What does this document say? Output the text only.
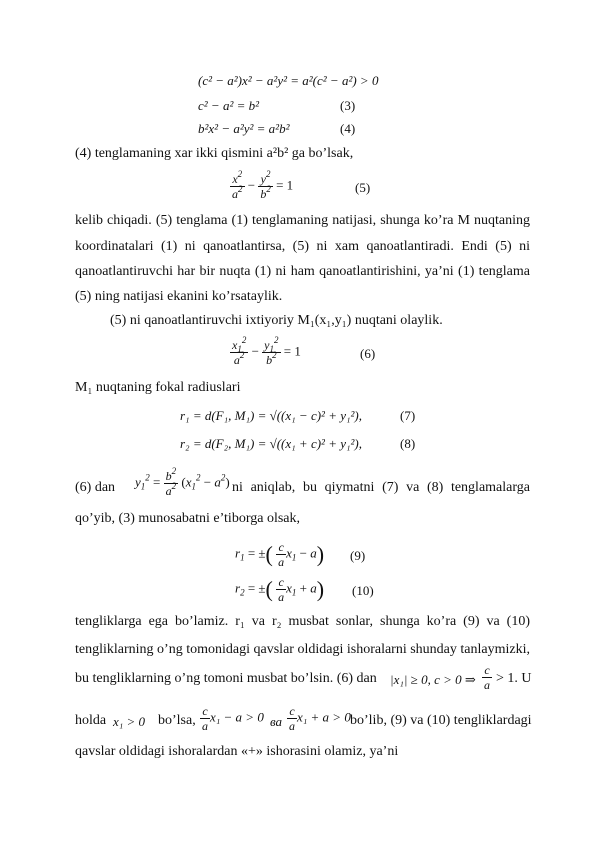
(c² − a²)x² − a²y² = a²(c² − a²) > 0
c² − a² = b²	(3)
b²x² − a²y² = a²b²	(4)
(4) tenglamaning xar ikki qismini a²b² ga bo’lsak,
$\frac{x^2}{a^2} - \frac{y^2}{b^2} = 1$	(5)
kelib chiqadi. (5) tenglama (1) tenglamaning natijasi, shunga ko’ra M nuqtaning
koordinatalari (1) ni qanoatlantirsa, (5) ni xam qanoatlantiradi. Endi (5) ni
qanoatlantiruvchi har bir nuqta (1) ni ham qanoatlantirishini, ya’ni (1) tenglama
(5) ning natijasi ekanini ko’rsataylik.
(5) ni qanoatlantiruvchi ixtiyoriy M₁(x₁,y₁) nuqtani olaylik.
$\frac{x_1^2}{a^2} - \frac{y_1^2}{b^2} = 1$	(6)
M₁ nuqtaning fokal radiuslari
r₁ = d(F₁, M₁) = √((x₁ − c)² + y₁²),	(7)
r₂ = d(F₂, M₁) = √((x₁ + c)² + y₁²),	(8)
(6) dan $y_1^2 = \frac{b^2}{a^2} (x_1^2 - a^2)$ ni aniqlab, bu qiymatni (7) va (8) tenglamalarga
qo’yib, (3) munosabatni e’tiborga olsak,
$r_1$ = ±( $\frac{c}{a} x_1 - a$) (9)
$r_2$ = ±( $\frac{c}{a} x_1 + a$) (10)
tengliklarga ega bo’lamiz. r₁ va r₂ musbat sonlar, shunga ko’ra (9) va (10)
tengliklarning o’ng tomonidagi qavslar oldidagi ishoralarni shunday tanlaymizki,
bu tengliklarning o’ng tomoni musbat bo’lsin. (6) dan |x₁| ≥ 0, c > 0 ⇒ $\frac{c}{a} > 1$. U
holda x₁ > 0 bo’lsa, $\frac{c}{a} x_1 - a > 0$ ва $\frac{c}{a} x_1 + a > 0$ bo’lib, (9) va (10) tengliklardagi
qavslar oldidagi ishoralardan «+» ishorasini olamiz, ya’ni
